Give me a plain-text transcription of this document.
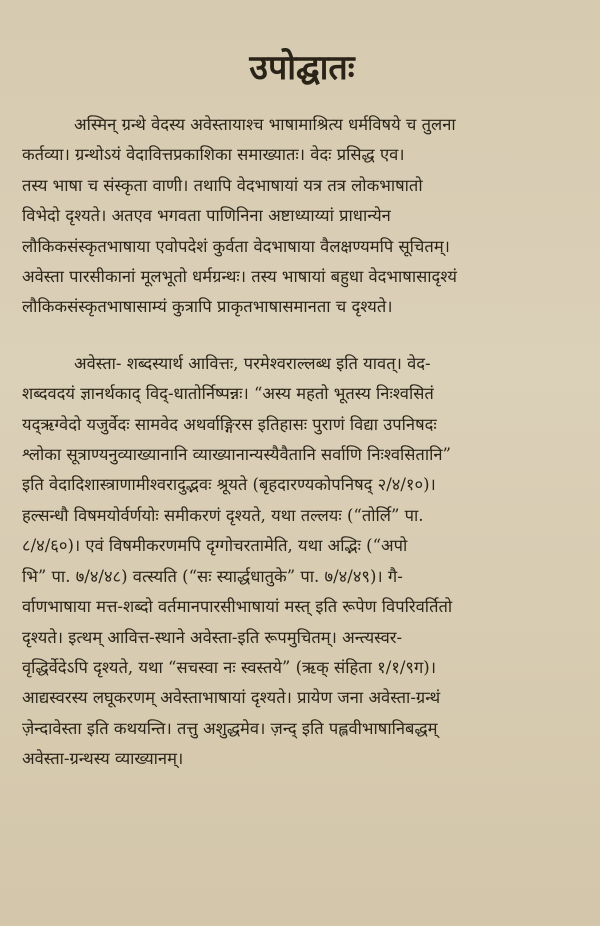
उपोद्घातः

अस्मिन् ग्रन्थे वेदस्य अवेस्तायाश्च भाषामाश्रित्य धर्मविषये च तुलना
कर्तव्या। ग्रन्थोऽयं वेदावित्तप्रकाशिका समाख्यातः। वेदः प्रसिद्ध एव।
तस्य भाषा च संस्कृता वाणी। तथापि वेदभाषायां यत्र तत्र लोकभाषातो
विभेदो दृश्यते। अतएव भगवता पाणिनिना अष्टाध्याय्यां प्राधान्येन
लौकिकसंस्कृतभाषाया एवोपदेशं कुर्वता वेदभाषाया वैलक्षण्यमपि सूचितम्।
अवेस्ता पारसीकानां मूलभूतो धर्मग्रन्थः। तस्य भाषायां बहुधा वेदभाषासादृश्यं
लौकिकसंस्कृतभाषासाम्यं कुत्रापि प्राकृतभाषासमानता च दृश्यते।

अवेस्ता- शब्दस्यार्थ आवित्तः, परमेश्वराल्लब्ध इति यावत्। वेद-
शब्दवदयं ज्ञानर्थकाद् विद्-धातोर्निष्पन्नः। “अस्य महतो भूतस्य निःश्वसितं
यद्ऋग्वेदो यजुर्वेदः सामवेद अथर्वाङ्गिरस इतिहासः पुराणं विद्या उपनिषदः
श्लोका सूत्राण्यनुव्याख्यानानि व्याख्यानान्यस्यैवैतानि सर्वाणि निःश्वसितानि”
इति वेदादिशास्त्राणामीश्वरादुद्भवः श्रूयते (बृहदारण्यकोपनिषद् २/४/१०)।
हल्सन्धौ विषमयोर्वर्णयोः समीकरणं दृश्यते, यथा तल्लयः (“तोर्लि” पा.
८/४/६०)। एवं विषमीकरणमपि दृग्गोचरतामेति, यथा अद्भिः (“अपो
भि” पा. ७/४/४८) वत्स्यति (“सः स्यार्द्धधातुके” पा. ७/४/४९)। गै-
र्वाणभाषाया मत्त-शब्दो वर्तमानपारसीभाषायां मस्त् इति रूपेण विपरिवर्तितो
दृश्यते। इत्थम् आवित्त-स्थाने अवेस्ता-इति रूपमुचितम्। अन्त्यस्वर-
वृद्धिर्वेदेऽपि दृश्यते, यथा “सचस्वा नः स्वस्तये” (ऋक् संहिता १/१/९ग)।
आद्यस्वरस्य लघूकरणम् अवेस्ताभाषायां दृश्यते। प्रायेण जना अवेस्ता-ग्रन्थं
ज़ेन्दावेस्ता इति कथयन्ति। तत्तु अशुद्धमेव। ज़न्द् इति पह्लवीभाषानिबद्धम्
अवेस्ता-ग्रन्थस्य व्याख्यानम्।
